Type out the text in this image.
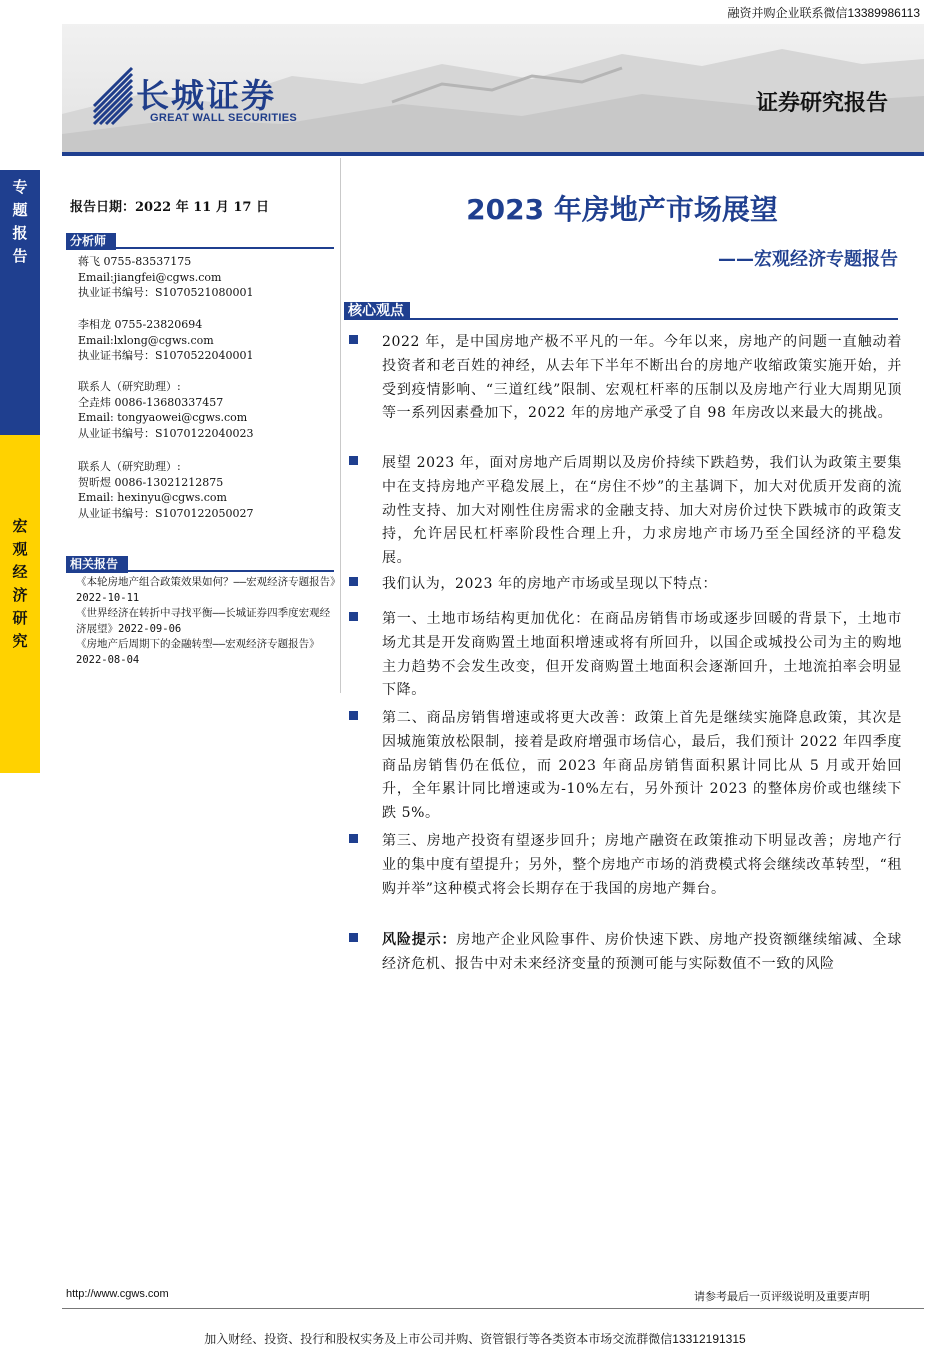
融资并购企业联系微信13389986113
长城证券
GREAT WALL SECURITIES
证券研究报告
专题报告
宏观经济研究
报告日期：2022 年 11 月 17 日
分析师
蒋飞 0755-83537175
Email:jiangfei@cgws.com
执业证书编号：S1070521080001
李相龙 0755-23820694
Email:lxlong@cgws.com
执业证书编号：S1070522040001
联系人（研究助理）:
仝垚炜 0086-13680337457
Email: tongyaowei@cgws.com
从业证书编号：S1070122040023
联系人（研究助理）:
贺昕煜 0086-13021212875
Email: hexinyu@cgws.com
从业证书编号：S1070122050027
相关报告
《本轮房地产组合政策效果如何？——宏观经济专题报告》2022-10-11
《世界经济在转折中寻找平衡——长城证券四季度宏观经济展望》2022-09-06
《房地产后周期下的金融转型——宏观经济专题报告》2022-08-04
2023 年房地产市场展望
——宏观经济专题报告
核心观点
2022 年，是中国房地产极不平凡的一年。今年以来，房地产的问题一直触动着投资者和老百姓的神经，从去年下半年不断出台的房地产收缩政策实施开始，并受到疫情影响、“三道红线”限制、宏观杠杆率的压制以及房地产行业大周期见顶等一系列因素叠加下，2022 年的房地产承受了自 98 年房改以来最大的挑战。
展望 2023 年，面对房地产后周期以及房价持续下跌趋势，我们认为政策主要集中在支持房地产平稳发展上，在“房住不炒”的主基调下，加大对优质开发商的流动性支持、加大对刚性住房需求的金融支持、加大对房价过快下跌城市的政策支持，允许居民杠杆率阶段性合理上升，力求房地产市场乃至全国经济的平稳发展。
我们认为，2023 年的房地产市场或呈现以下特点：
第一、土地市场结构更加优化：在商品房销售市场或逐步回暖的背景下，土地市场尤其是开发商购置土地面积增速或将有所回升，以国企或城投公司为主的购地主力趋势不会发生改变，但开发商购置土地面积会逐渐回升，土地流拍率会明显下降。
第二、商品房销售增速或将更大改善：政策上首先是继续实施降息政策，其次是因城施策放松限制，接着是政府增强市场信心，最后，我们预计 2022 年四季度商品房销售仍在低位，而 2023 年商品房销售面积累计同比从 5 月或开始回升，全年累计同比增速或为-10%左右，另外预计 2023 的整体房价或也继续下跌 5%。
第三、房地产投资有望逐步回升；房地产融资在政策推动下明显改善；房地产行业的集中度有望提升；另外，整个房地产市场的消费模式将会继续改革转型，“租购并举”这种模式将会长期存在于我国的房地产舞台。
风险提示：房地产企业风险事件、房价快速下跌、房地产投资额继续缩减、全球经济危机、报告中对未来经济变量的预测可能与实际数值不一致的风险
http://www.cgws.com	请参考最后一页评级说明及重要声明
加入财经、投资、投行和股权实务及上市公司并购、资管银行等各类资本市场交流群微信13312191315
